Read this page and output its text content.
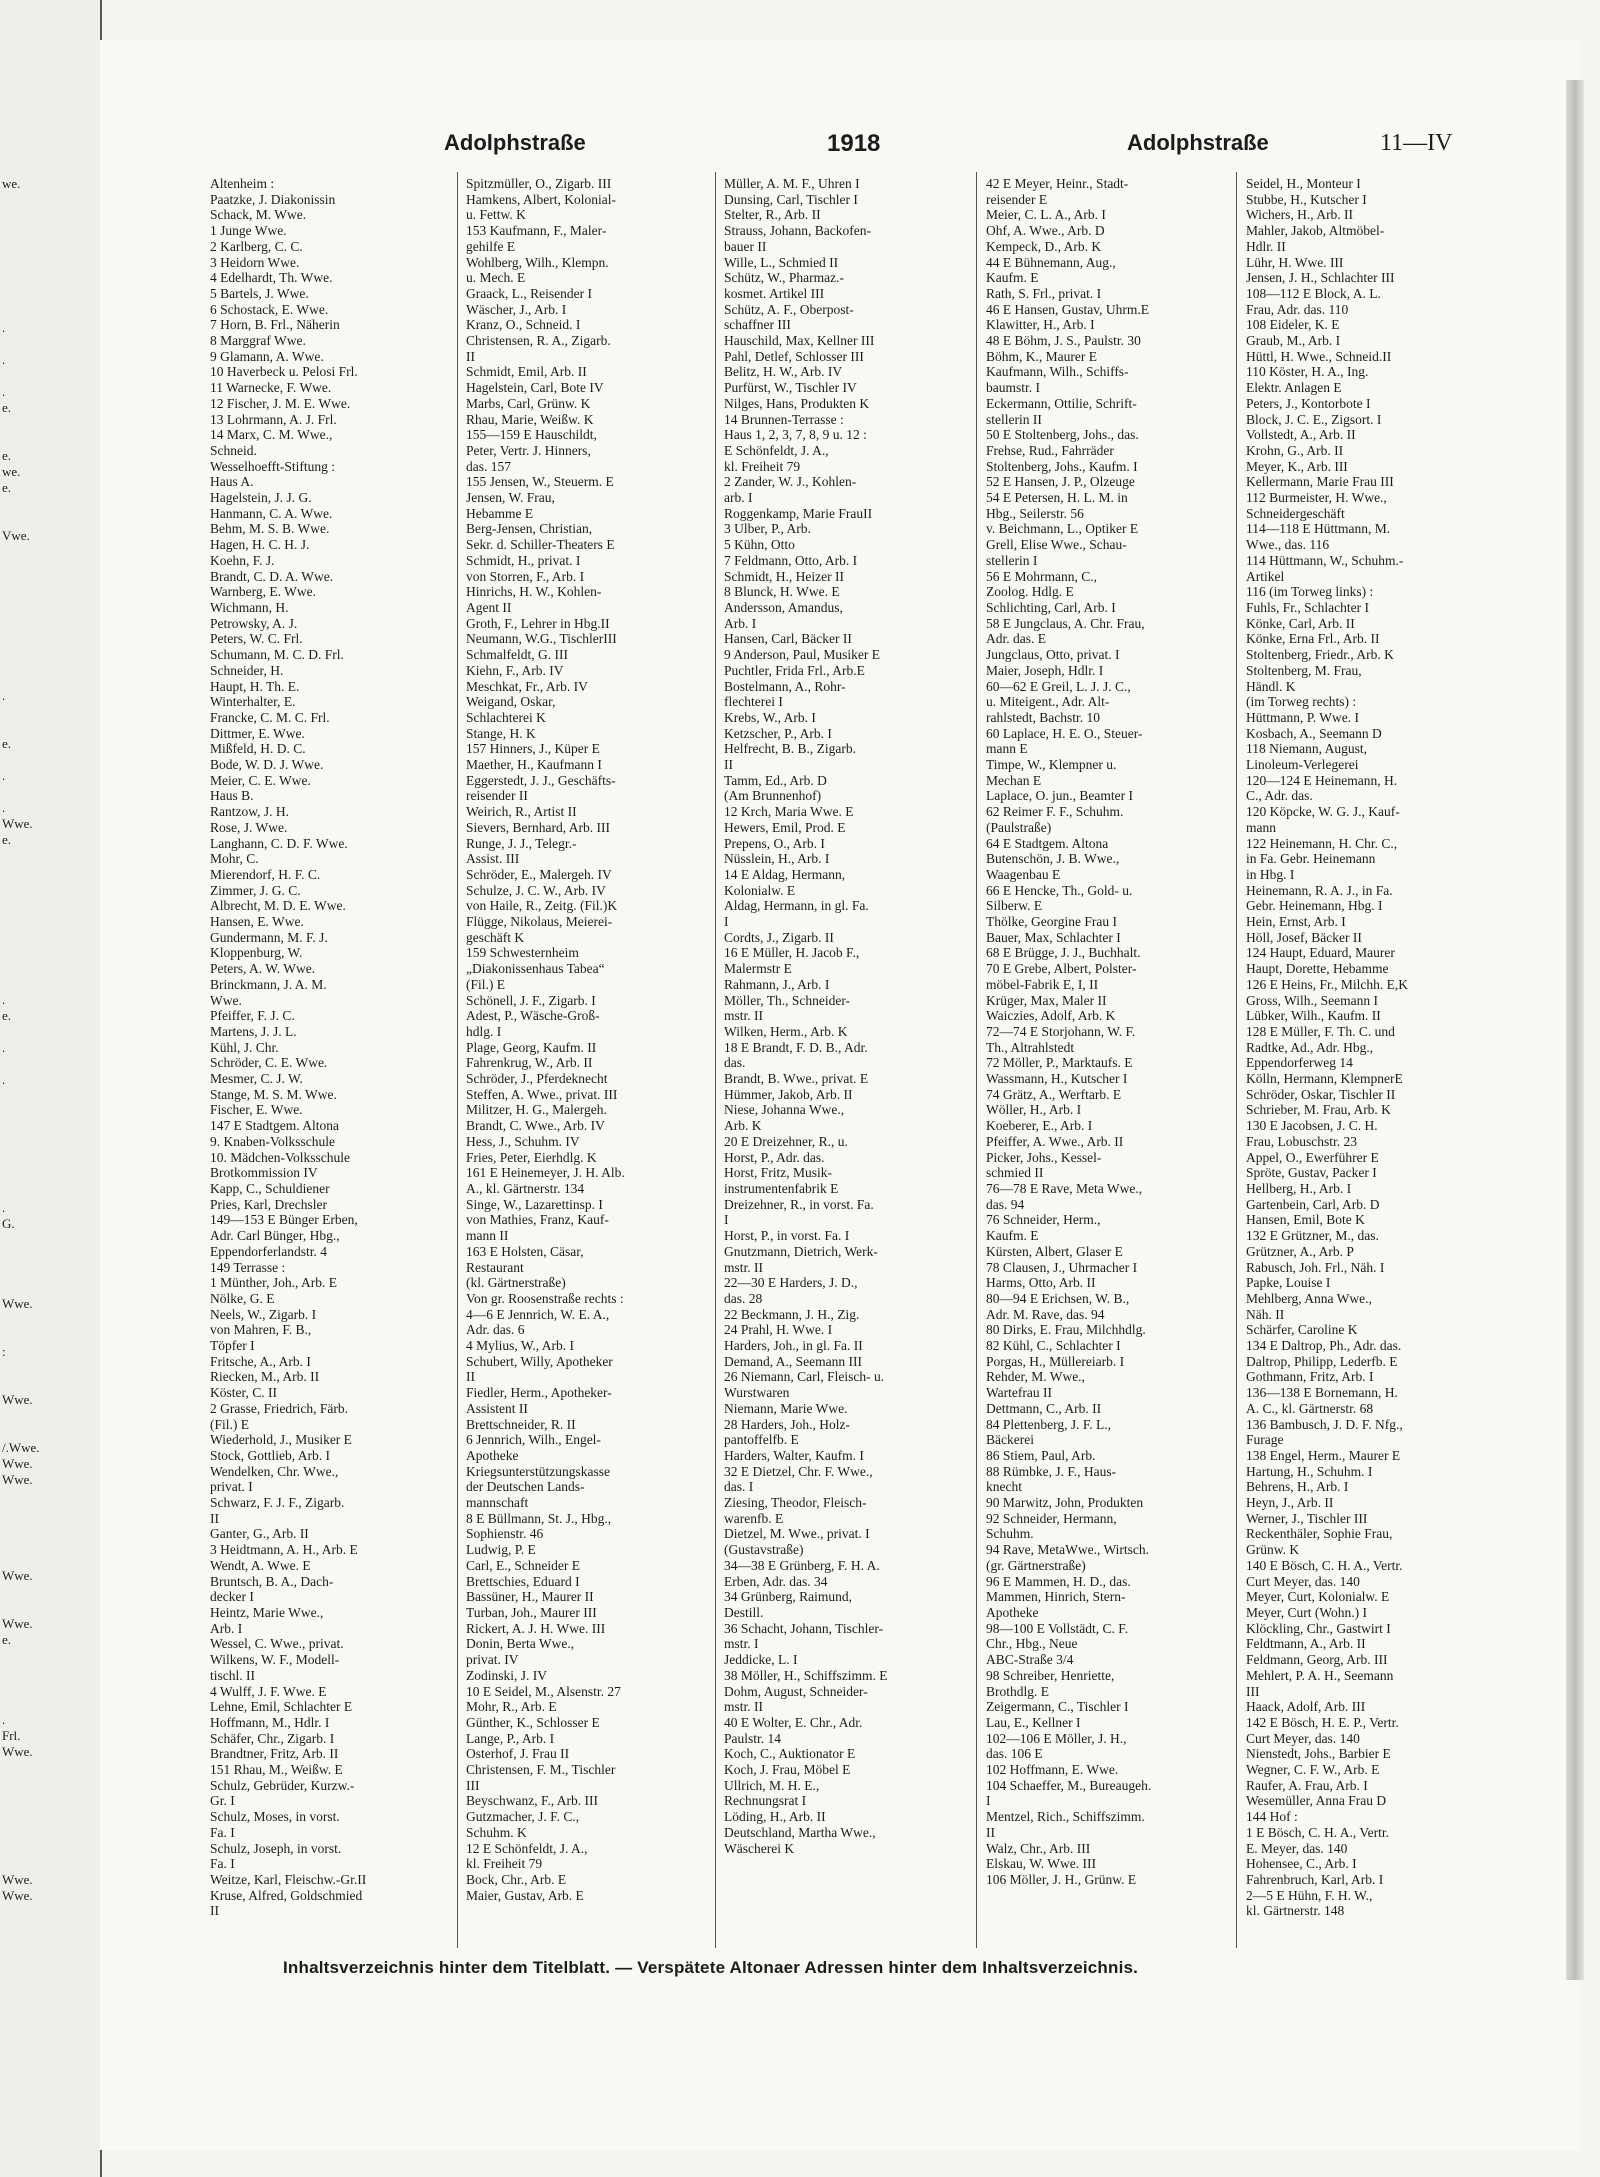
we.
.
.
.
e.
e.
we.
e.
Vwe.
.
e.
.
.
Wwe.
e.
.
e.
.
.
.
G.
Wwe.
:
Wwe.
/.Wwe.
Wwe.
Wwe.
Wwe.
Wwe.
e.
.
Frl.
Wwe.
Wwe.
Wwe.
Adolphstraße	1918	Adolphstraße	11—IV
Altenheim :
Paatzke, J. Diakonissin
Schack, M. Wwe.
1 Junge Wwe.
2 Karlberg, C. C.
3 Heidorn Wwe.
4 Edelhardt, Th. Wwe.
5 Bartels, J. Wwe.
6 Schostack, E. Wwe.
7 Horn, B. Frl., Näherin
8 Marggraf Wwe.
9 Glamann, A. Wwe.
10 Haverbeck u. Pelosi Frl.
11 Warnecke, F. Wwe.
12 Fischer, J. M. E. Wwe.
13 Lohrmann, A. J. Frl.
14 Marx, C. M. Wwe.,
Schneid.
Wesselhoefft-Stiftung :
Haus A.
Hagelstein, J. J. G.
Hanmann, C. A. Wwe.
Behm, M. S. B. Wwe.
Hagen, H. C. H. J.
Koehn, F. J.
Brandt, C. D. A. Wwe.
Warnberg, E. Wwe.
Wichmann, H.
Petrowsky, A. J.
Peters, W. C. Frl.
Schumann, M. C. D. Frl.
Schneider, H.
Haupt, H. Th. E.
Winterhalter, E.
Francke, C. M. C. Frl.
Dittmer, E. Wwe.
Mißfeld, H. D. C.
Bode, W. D. J. Wwe.
Meier, C. E. Wwe.
Haus B.
Rantzow, J. H.
Rose, J. Wwe.
Langhann, C. D. F. Wwe.
Mohr, C.
Mierendorf, H. F. C.
Zimmer, J. G. C.
Albrecht, M. D. E. Wwe.
Hansen, E. Wwe.
Gundermann, M. F. J.
Kloppenburg, W.
Peters, A. W. Wwe.
Brinckmann, J. A. M.
Wwe.
Pfeiffer, F. J. C.
Martens, J. J. L.
Kühl, J. Chr.
Schröder, C. E. Wwe.
Mesmer, C. J. W.
Stange, M. S. M. Wwe.
Fischer, E. Wwe.
147 E Stadtgem. Altona
9. Knaben-Volksschule
10. Mädchen-Volksschule
Brotkommission IV
Kapp, C., Schuldiener
Pries, Karl, Drechsler
149—153 E Bünger Erben,
Adr. Carl Bünger, Hbg.,
Eppendorferlandstr. 4
149 Terrasse :
1 Münther, Joh., Arb. E
Nölke, G. E
Neels, W., Zigarb. I
von Mahren, F. B.,
Töpfer I
Fritsche, A., Arb. I
Riecken, M., Arb. II
Köster, C. II
2 Grasse, Friedrich, Färb.
(Fil.) E
Wiederhold, J., Musiker E
Stock, Gottlieb, Arb. I
Wendelken, Chr. Wwe.,
privat. I
Schwarz, F. J. F., Zigarb.
II
Ganter, G., Arb. II
3 Heidtmann, A. H., Arb. E
Wendt, A. Wwe. E
Bruntsch, B. A., Dach-
decker I
Heintz, Marie Wwe.,
Arb. I
Wessel, C. Wwe., privat.
Wilkens, W. F., Modell-
tischl. II
4 Wulff, J. F. Wwe. E
Lehne, Emil, Schlachter E
Hoffmann, M., Hdlr. I
Schäfer, Chr., Zigarb. I
Brandtner, Fritz, Arb. II
151 Rhau, M., Weißw. E
Schulz, Gebrüder, Kurzw.-
Gr. I
Schulz, Moses, in vorst.
Fa. I
Schulz, Joseph, in vorst.
Fa. I
Weitze, Karl, Fleischw.-Gr.II
Kruse, Alfred, Goldschmied
II
Spitzmüller, O., Zigarb. III
Hamkens, Albert, Kolonial-
u. Fettw. K
153 Kaufmann, F., Maler-
gehilfe E
Wohlberg, Wilh., Klempn.
u. Mech. E
Graack, L., Reisender I
Wäscher, J., Arb. I
Kranz, O., Schneid. I
Christensen, R. A., Zigarb.
II
Schmidt, Emil, Arb. II
Hagelstein, Carl, Bote IV
Marbs, Carl, Grünw. K
Rhau, Marie, Weißw. K
155—159 E Hauschildt,
Peter, Vertr. J. Hinners,
das. 157
155 Jensen, W., Steuerm. E
Jensen, W. Frau,
Hebamme E
Berg-Jensen, Christian,
Sekr. d. Schiller-Theaters E
Schmidt, H., privat. I
von Storren, F., Arb. I
Hinrichs, H. W., Kohlen-
Agent II
Groth, F., Lehrer in Hbg.II
Neumann, W.G., TischlerIII
Schmalfeldt, G. III
Kiehn, F., Arb. IV
Meschkat, Fr., Arb. IV
Weigand, Oskar,
Schlachterei K
Stange, H. K
157 Hinners, J., Küper E
Maether, H., Kaufmann I
Eggerstedt, J. J., Geschäfts-
reisender II
Weirich, R., Artist II
Sievers, Bernhard, Arb. III
Runge, J. J., Telegr.-
Assist. III
Schröder, E., Malergeh. IV
Schulze, J. C. W., Arb. IV
von Haile, R., Zeitg. (Fil.)K
Flügge, Nikolaus, Meierei-
geschäft K
159 Schwesternheim
„Diakonissenhaus Tabea“
(Fil.) E
Schönell, J. F., Zigarb. I
Adest, P., Wäsche-Groß-
hdlg. I
Plage, Georg, Kaufm. II
Fahrenkrug, W., Arb. II
Schröder, J., Pferdeknecht
Steffen, A. Wwe., privat. III
Militzer, H. G., Malergeh.
Brandt, C. Wwe., Arb. IV
Hess, J., Schuhm. IV
Fries, Peter, Eierhdlg. K
161 E Heinemeyer, J. H. Alb.
A., kl. Gärtnerstr. 134
Singe, W., Lazarettinsp. I
von Mathies, Franz, Kauf-
mann II
163 E Holsten, Cäsar,
Restaurant
(kl. Gärtnerstraße)
Von gr. Roosenstraße rechts :
4—6 E Jennrich, W. E. A.,
Adr. das. 6
4 Mylius, W., Arb. I
Schubert, Willy, Apotheker
II
Fiedler, Herm., Apotheker-
Assistent II
Brettschneider, R. II
6 Jennrich, Wilh., Engel-
Apotheke
Kriegsunterstützungskasse
der Deutschen Lands-
mannschaft
8 E Büllmann, St. J., Hbg.,
Sophienstr. 46
Ludwig, P. E
Carl, E., Schneider E
Brettschies, Eduard I
Bassüner, H., Maurer II
Turban, Joh., Maurer III
Rickert, A. J. H. Wwe. III
Donin, Berta Wwe.,
privat. IV
Zodinski, J. IV
10 E Seidel, M., Alsenstr. 27
Mohr, R., Arb. E
Günther, K., Schlosser E
Lange, P., Arb. I
Osterhof, J. Frau II
Christensen, F. M., Tischler
III
Beyschwanz, F., Arb. III
Gutzmacher, J. F. C.,
Schuhm. K
12 E Schönfeldt, J. A.,
kl. Freiheit 79
Bock, Chr., Arb. E
Maier, Gustav, Arb. E
Müller, A. M. F., Uhren I
Dunsing, Carl, Tischler I
Stelter, R., Arb. II
Strauss, Johann, Backofen-
bauer II
Wille, L., Schmied II
Schütz, W., Pharmaz.-
kosmet. Artikel III
Schütz, A. F., Oberpost-
schaffner III
Hauschild, Max, Kellner III
Pahl, Detlef, Schlosser III
Belitz, H. W., Arb. IV
Purfürst, W., Tischler IV
Nilges, Hans, Produkten K
14 Brunnen-Terrasse :
Haus 1, 2, 3, 7, 8, 9 u. 12 :
E Schönfeldt, J. A.,
kl. Freiheit 79
2 Zander, W. J., Kohlen-
arb. I
Roggenkamp, Marie FrauII
3 Ulber, P., Arb.
5 Kühn, Otto
7 Feldmann, Otto, Arb. I
Schmidt, H., Heizer II
8 Blunck, H. Wwe. E
Andersson, Amandus,
Arb. I
Hansen, Carl, Bäcker II
9 Anderson, Paul, Musiker E
Puchtler, Frida Frl., Arb.E
Bostelmann, A., Rohr-
flechterei I
Krebs, W., Arb. I
Ketzscher, P., Arb. I
Helfrecht, B. B., Zigarb.
II
Tamm, Ed., Arb. D
(Am Brunnenhof)
12 Krch, Maria Wwe. E
Hewers, Emil, Prod. E
Prepens, O., Arb. I
Nüsslein, H., Arb. I
14 E Aldag, Hermann,
Kolonialw. E
Aldag, Hermann, in gl. Fa.
I
Cordts, J., Zigarb. II
16 E Müller, H. Jacob F.,
Malermstr E
Rahmann, J., Arb. I
Möller, Th., Schneider-
mstr. II
Wilken, Herm., Arb. K
18 E Brandt, F. D. B., Adr.
das.
Brandt, B. Wwe., privat. E
Hümmer, Jakob, Arb. II
Niese, Johanna Wwe.,
Arb. K
20 E Dreizehner, R., u.
Horst, P., Adr. das.
Horst, Fritz, Musik-
instrumentenfabrik E
Dreizehner, R., in vorst. Fa.
I
Horst, P., in vorst. Fa. I
Gnutzmann, Dietrich, Werk-
mstr. II
22—30 E Harders, J. D.,
das. 28
22 Beckmann, J. H., Zig.
24 Prahl, H. Wwe. I
Harders, Joh., in gl. Fa. II
Demand, A., Seemann III
26 Niemann, Carl, Fleisch- u.
Wurstwaren
Niemann, Marie Wwe.
28 Harders, Joh., Holz-
pantoffelfb. E
Harders, Walter, Kaufm. I
32 E Dietzel, Chr. F. Wwe.,
das. I
Ziesing, Theodor, Fleisch-
warenfb. E
Dietzel, M. Wwe., privat. I
(Gustavstraße)
34—38 E Grünberg, F. H. A.
Erben, Adr. das. 34
34 Grünberg, Raimund,
Destill.
36 Schacht, Johann, Tischler-
mstr. I
Jeddicke, L. I
38 Möller, H., Schiffszimm. E
Dohm, August, Schneider-
mstr. II
40 E Wolter, E. Chr., Adr.
Paulstr. 14
Koch, C., Auktionator E
Koch, J. Frau, Möbel E
Ullrich, M. H. E.,
Rechnungsrat I
Löding, H., Arb. II
Deutschland, Martha Wwe.,
Wäscherei K
42 E Meyer, Heinr., Stadt-
reisender E
Meier, C. L. A., Arb. I
Ohf, A. Wwe., Arb. D
Kempeck, D., Arb. K
44 E Bühnemann, Aug.,
Kaufm. E
Rath, S. Frl., privat. I
46 E Hansen, Gustav, Uhrm.E
Klawitter, H., Arb. I
48 E Böhm, J. S., Paulstr. 30
Böhm, K., Maurer E
Kaufmann, Wilh., Schiffs-
baumstr. I
Eckermann, Ottilie, Schrift-
stellerin II
50 E Stoltenberg, Johs., das.
Frehse, Rud., Fahrräder
Stoltenberg, Johs., Kaufm. I
52 E Hansen, J. P., Olzeuge
54 E Petersen, H. L. M. in
Hbg., Seilerstr. 56
v. Beichmann, L., Optiker E
Grell, Elise Wwe., Schau-
stellerin I
56 E Mohrmann, C.,
Zoolog. Hdlg. E
Schlichting, Carl, Arb. I
58 E Jungclaus, A. Chr. Frau,
Adr. das. E
Jungclaus, Otto, privat. I
Maier, Joseph, Hdlr. I
60—62 E Greil, L. J. J. C.,
u. Miteigent., Adr. Alt-
rahlstedt, Bachstr. 10
60 Laplace, H. E. O., Steuer-
mann E
Timpe, W., Klempner u.
Mechan E
Laplace, O. jun., Beamter I
62 Reimer F. F., Schuhm.
(Paulstraße)
64 E Stadtgem. Altona
Butenschön, J. B. Wwe.,
Waagenbau E
66 E Hencke, Th., Gold- u.
Silberw. E
Thölke, Georgine Frau I
Bauer, Max, Schlachter I
68 E Brügge, J. J., Buchhalt.
70 E Grebe, Albert, Polster-
möbel-Fabrik E, I, II
Krüger, Max, Maler II
Waiczies, Adolf, Arb. K
72—74 E Storjohann, W. F.
Th., Altrahlstedt
72 Möller, P., Marktaufs. E
Wassmann, H., Kutscher I
74 Grätz, A., Werftarb. E
Wöller, H., Arb. I
Koeberer, E., Arb. I
Pfeiffer, A. Wwe., Arb. II
Picker, Johs., Kessel-
schmied II
76—78 E Rave, Meta Wwe.,
das. 94
76 Schneider, Herm.,
Kaufm. E
Kürsten, Albert, Glaser E
78 Clausen, J., Uhrmacher I
Harms, Otto, Arb. II
80—94 E Erichsen, W. B.,
Adr. M. Rave, das. 94
80 Dirks, E. Frau, Milchhdlg.
82 Kühl, C., Schlachter I
Porgas, H., Müllereiarb. I
Rehder, M. Wwe.,
Wartefrau II
Dettmann, C., Arb. II
84 Plettenberg, J. F. L.,
Bäckerei
86 Stiem, Paul, Arb.
88 Rümbke, J. F., Haus-
knecht
90 Marwitz, John, Produkten
92 Schneider, Hermann,
Schuhm.
94 Rave, MetaWwe., Wirtsch.
(gr. Gärtnerstraße)
96 E Mammen, H. D., das.
Mammen, Hinrich, Stern-
Apotheke
98—100 E Vollstädt, C. F.
Chr., Hbg., Neue
ABC-Straße 3/4
98 Schreiber, Henriette,
Brothdlg. E
Zeigermann, C., Tischler I
Lau, E., Kellner I
102—106 E Möller, J. H.,
das. 106 E
102 Hoffmann, E. Wwe.
104 Schaeffer, M., Bureaugeh.
I
Mentzel, Rich., Schiffszimm.
II
Walz, Chr., Arb. III
Elskau, W. Wwe. III
106 Möller, J. H., Grünw. E
Seidel, H., Monteur I
Stubbe, H., Kutscher I
Wichers, H., Arb. II
Mahler, Jakob, Altmöbel-
Hdlr. II
Lühr, H. Wwe. III
Jensen, J. H., Schlachter III
108—112 E Block, A. L.
Frau, Adr. das. 110
108 Eideler, K. E
Graub, M., Arb. I
Hüttl, H. Wwe., Schneid.II
110 Köster, H. A., Ing.
Elektr. Anlagen E
Peters, J., Kontorbote I
Block, J. C. E., Zigsort. I
Vollstedt, A., Arb. II
Krohn, G., Arb. II
Meyer, K., Arb. III
Kellermann, Marie Frau III
112 Burmeister, H. Wwe.,
Schneidergeschäft
114—118 E Hüttmann, M.
Wwe., das. 116
114 Hüttmann, W., Schuhm.-
Artikel
116 (im Torweg links) :
Fuhls, Fr., Schlachter I
Könke, Carl, Arb. II
Könke, Erna Frl., Arb. II
Stoltenberg, Friedr., Arb. K
Stoltenberg, M. Frau,
Händl. K
(im Torweg rechts) :
Hüttmann, P. Wwe. I
Kosbach, A., Seemann D
118 Niemann, August,
Linoleum-Verlegerei
120—124 E Heinemann, H.
C., Adr. das.
120 Köpcke, W. G. J., Kauf-
mann
122 Heinemann, H. Chr. C.,
in Fa. Gebr. Heinemann
in Hbg. I
Heinemann, R. A. J., in Fa.
Gebr. Heinemann, Hbg. I
Hein, Ernst, Arb. I
Höll, Josef, Bäcker II
124 Haupt, Eduard, Maurer
Haupt, Dorette, Hebamme
126 E Heins, Fr., Milchh. E,K
Gross, Wilh., Seemann I
Lübker, Wilh., Kaufm. II
128 E Müller, F. Th. C. und
Radtke, Ad., Adr. Hbg.,
Eppendorferweg 14
Kölln, Hermann, KlempnerE
Schröder, Oskar, Tischler II
Schrieber, M. Frau, Arb. K
130 E Jacobsen, J. C. H.
Frau, Lobuschstr. 23
Appel, O., Ewerführer E
Spröte, Gustav, Packer I
Hellberg, H., Arb. I
Gartenbein, Carl, Arb. D
Hansen, Emil, Bote K
132 E Grützner, M., das.
Grützner, A., Arb. P
Rabusch, Joh. Frl., Näh. I
Papke, Louise I
Mehlberg, Anna Wwe.,
Näh. II
Schärfer, Caroline K
134 E Daltrop, Ph., Adr. das.
Daltrop, Philipp, Lederfb. E
Gothmann, Fritz, Arb. I
136—138 E Bornemann, H.
A. C., kl. Gärtnerstr. 68
136 Bambusch, J. D. F. Nfg.,
Furage
138 Engel, Herm., Maurer E
Hartung, H., Schuhm. I
Behrens, H., Arb. I
Heyn, J., Arb. II
Werner, J., Tischler III
Reckenthäler, Sophie Frau,
Grünw. K
140 E Bösch, C. H. A., Vertr.
Curt Meyer, das. 140
Meyer, Curt, Kolonialw. E
Meyer, Curt (Wohn.) I
Klöckling, Chr., Gastwirt I
Feldtmann, A., Arb. II
Feldmann, Georg, Arb. III
Mehlert, P. A. H., Seemann
III
Haack, Adolf, Arb. III
142 E Bösch, H. E. P., Vertr.
Curt Meyer, das. 140
Nienstedt, Johs., Barbier E
Wegner, C. F. W., Arb. E
Raufer, A. Frau, Arb. I
Wesemüller, Anna Frau D
144 Hof :
1 E Bösch, C. H. A., Vertr.
E. Meyer, das. 140
Hohensee, C., Arb. I
Fahrenbruch, Karl, Arb. I
2—5 E Hühn, F. H. W.,
kl. Gärtnerstr. 148
Inhaltsverzeichnis hinter dem Titelblatt. — Verspätete Altonaer Adressen hinter dem Inhaltsverzeichnis.
